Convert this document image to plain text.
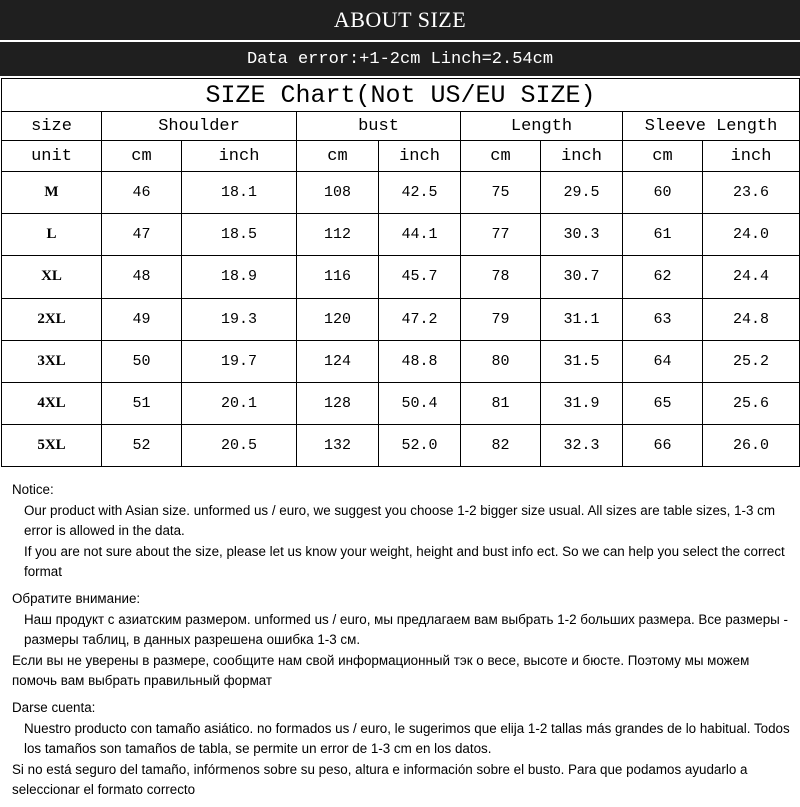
ABOUT SIZE
Data error:+1-2cm Linch=2.54cm
SIZE Chart(Not US/EU SIZE)								
size	Shoulder		bust		Length		Sleeve Length	
unit	cm	inch	cm	inch	cm	inch	cm	inch
M	46	18.1	108	42.5	75	29.5	60	23.6
L	47	18.5	112	44.1	77	30.3	61	24.0
XL	48	18.9	116	45.7	78	30.7	62	24.4
2XL	49	19.3	120	47.2	79	31.1	63	24.8
3XL	50	19.7	124	48.8	80	31.5	64	25.2
4XL	51	20.1	128	50.4	81	31.9	65	25.6
5XL	52	20.5	132	52.0	82	32.3	66	26.0

Notice:

Our product with Asian size. unformed us / euro, we suggest you choose 1-2 bigger size usual. All sizes are table sizes, 1-3 cm error is allowed in the data.

If you are not sure about the size, please let us know your weight, height and bust info ect. So we can help you select the correct format

Обратите внимание:

Наш продукт с азиатским размером. unformed us / euro, мы предлагаем вам выбрать 1-2 больших размера. Все размеры - размеры таблиц, в данных разрешена ошибка 1-3 см.

Если вы не уверены в размере, сообщите нам свой информационный тэк о весе, высоте и бюсте. Поэтому мы можем помочь вам выбрать правильный формат

Darse cuenta:

Nuestro producto con tamaño asiático. no formados us / euro, le sugerimos que elija 1-2 tallas más grandes de lo habitual. Todos los tamaños son tamaños de tabla, se permite un error de 1-3 cm en los datos.

Si no está seguro del tamaño, infórmenos sobre su peso, altura e información sobre el busto. Para que podamos ayudarlo a seleccionar el formato correcto
